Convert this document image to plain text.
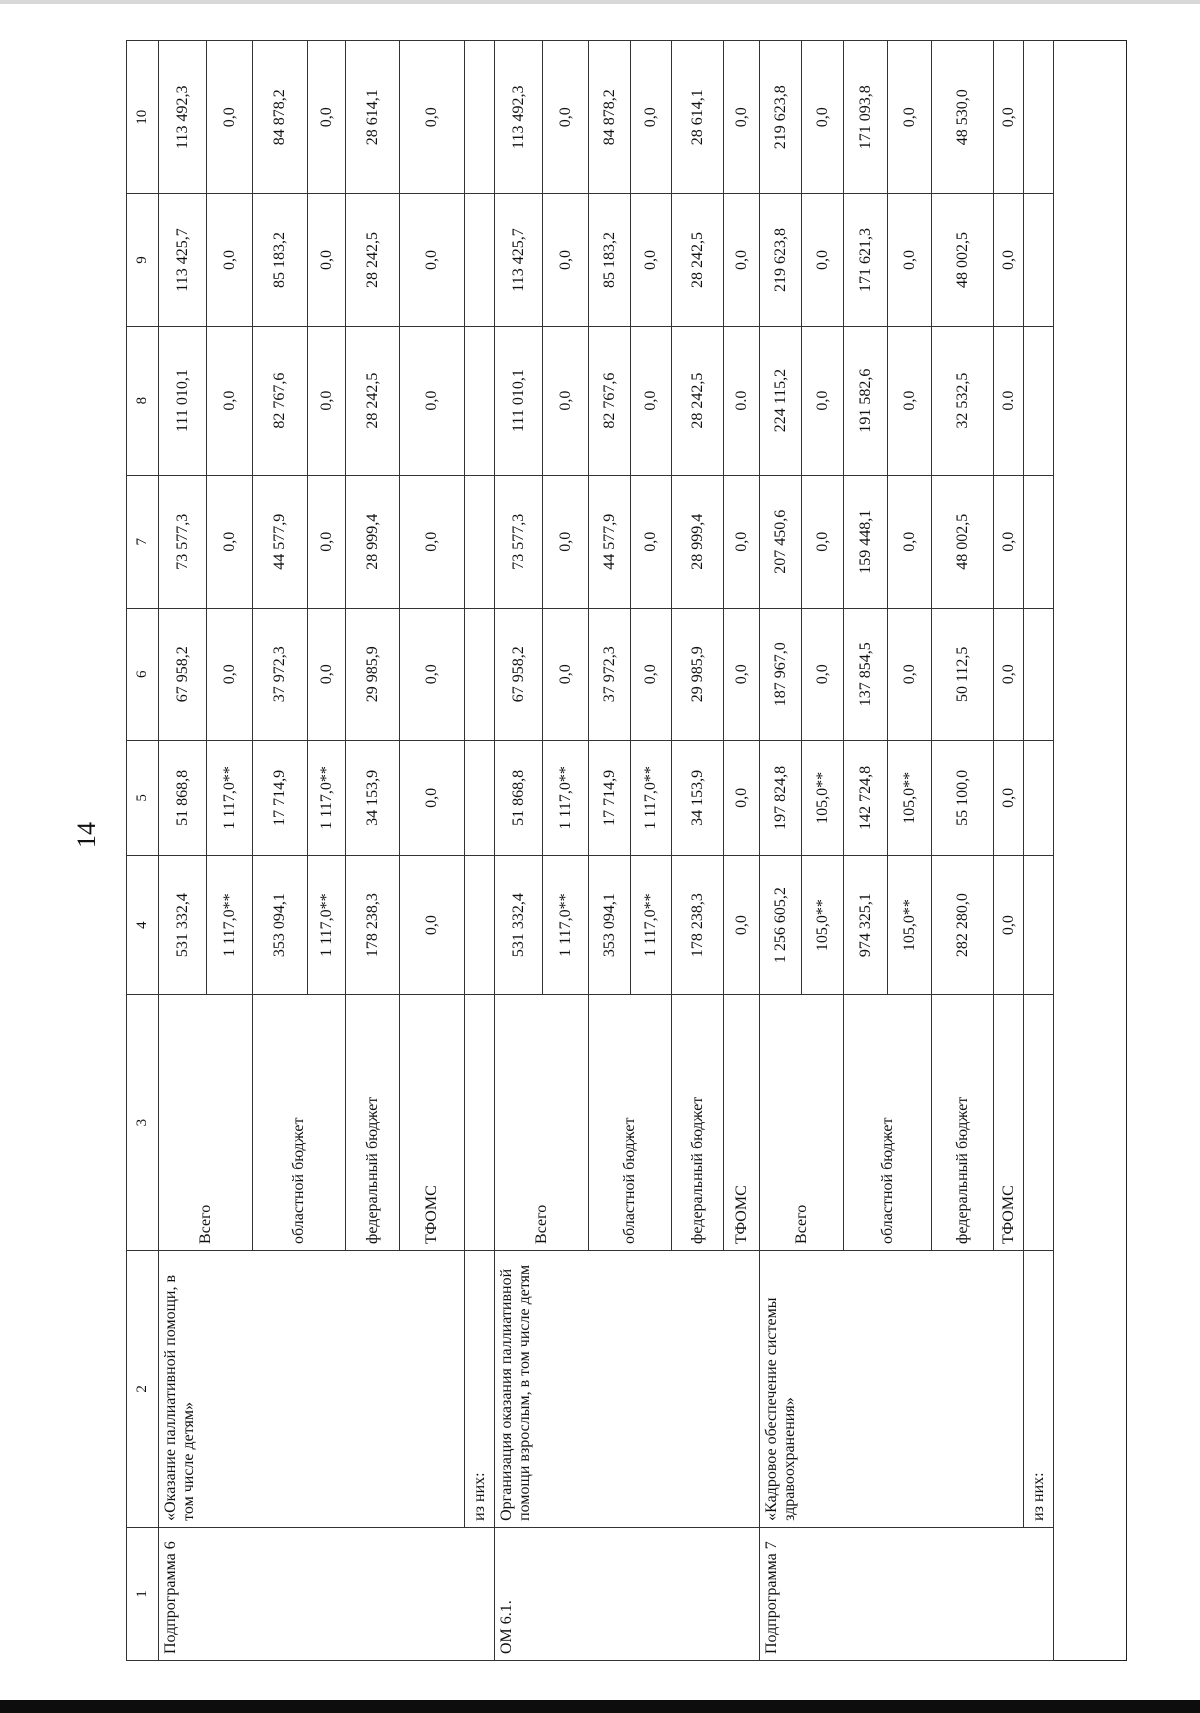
14
1	2	3	4	5	6	7	8	9	10
Подпрограмма 6	«Оказание паллиативной помощи, в том числе детям»	Всего	531 332,4	51 868,8	67 958,2	73 577,3	111 010,1	113 425,7	113 492,3
			1 117,0**	1 117,0**	0,0	0,0	0,0	0,0	0,0
		областной бюджет	353 094,1	17 714,9	37 972,3	44 577,9	82 767,6	85 183,2	84 878,2
			1 117,0**	1 117,0**	0,0	0,0	0,0	0,0	0,0
		федеральный бюджет	178 238,3	34 153,9	29 985,9	28 999,4	28 242,5	28 242,5	28 614,1
		ТФОМС	0,0	0,0	0,0	0,0	0,0	0,0	0,0
	из них:								
ОМ 6.1.	Организация оказания паллиативной помощи взрослым, в том числе детям	Всего	531 332,4	51 868,8	67 958,2	73 577,3	111 010,1	113 425,7	113 492,3
			1 117,0**	1 117,0**	0,0	0,0	0,0	0,0	0,0
		областной бюджет	353 094,1	17 714,9	37 972,3	44 577,9	82 767,6	85 183,2	84 878,2
			1 117,0**	1 117,0**	0,0	0,0	0,0	0,0	0,0
		федеральный бюджет	178 238,3	34 153,9	29 985,9	28 999,4	28 242,5	28 242,5	28 614,1
		ТФОМС	0,0	0,0	0,0	0,0	0.0	0,0	0,0
Подпрограмма 7	«Кадровое обеспечение системы здравоохранения»	Всего	1 256 605,2	197 824,8	187 967,0	207 450,6	224 115,2	219 623,8	219 623,8
			105,0**	105,0**	0,0	0,0	0,0	0,0	0,0
		областной бюджет	974 325,1	142 724,8	137 854,5	159 448,1	191 582,6	171 621,3	171 093,8
			105,0**	105,0**	0,0	0,0	0,0	0,0	0,0
		федеральный бюджет	282 280,0	55 100,0	50 112,5	48 002,5	32 532,5	48 002,5	48 530,0
		ТФОМС	0,0	0,0	0,0	0,0	0.0	0,0	0,0
	из них:								
